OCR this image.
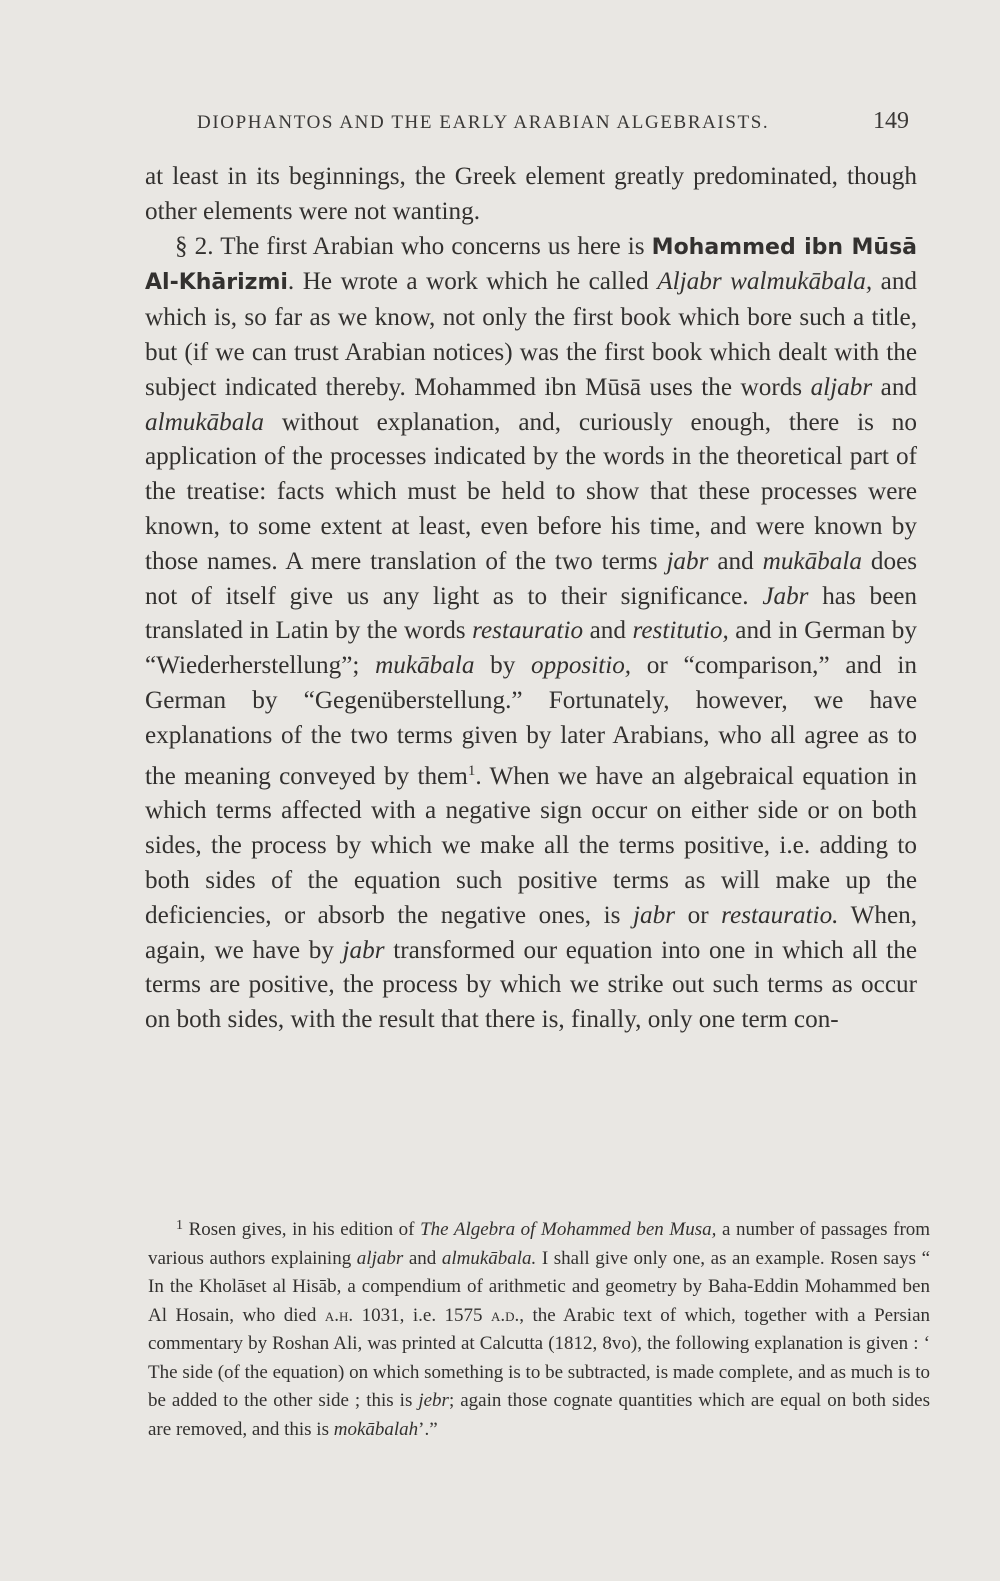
DIOPHANTOS AND THE EARLY ARABIAN ALGEBRAISTS.	149

at least in its beginnings, the Greek element greatly predominated, though other elements were not wanting.

§ 2. The first Arabian who concerns us here is Mohammed ibn Mūsā Al-Khārizmi. He wrote a work which he called Aljabr walmukābala, and which is, so far as we know, not only the first book which bore such a title, but (if we can trust Arabian notices) was the first book which dealt with the subject indicated thereby. Mohammed ibn Mūsā uses the words aljabr and almukābala without explanation, and, curiously enough, there is no application of the processes indicated by the words in the theoretical part of the treatise: facts which must be held to show that these processes were known, to some extent at least, even before his time, and were known by those names. A mere translation of the two terms jabr and mukābala does not of itself give us any light as to their significance. Jabr has been translated in Latin by the words restauratio and restitutio, and in German by “Wiederherstellung”; mukābala by oppositio, or “comparison,” and in German by “Gegenüberstellung.” Fortunately, however, we have explanations of the two terms given by later Arabians, who all agree as to the meaning conveyed by them$^1$. When we have an algebraical equation in which terms affected with a negative sign occur on either side or on both sides, the process by which we make all the terms positive, i.e. adding to both sides of the equation such positive terms as will make up the deficiencies, or absorb the negative ones, is jabr or restauratio. When, again, we have by jabr transformed our equation into one in which all the terms are positive, the process by which we strike out such terms as occur on both sides, with the result that there is, finally, only one term con-

$^1$ Rosen gives, in his edition of The Algebra of Mohammed ben Musa, a number of passages from various authors explaining aljabr and almukābala. I shall give only one, as an example. Rosen says “ In the Kholāset al Hisāb, a compendium of arithmetic and geometry by Baha-Eddin Mohammed ben Al Hosain, who died a.h. 1031, i.e. 1575 a.d., the Arabic text of which, together with a Persian commentary by Roshan Ali, was printed at Calcutta (1812, 8vo), the following explanation is given : ‘ The side (of the equation) on which something is to be subtracted, is made complete, and as much is to be added to the other side ; this is jebr; again those cognate quantities which are equal on both sides are removed, and this is mokābalah’.”
